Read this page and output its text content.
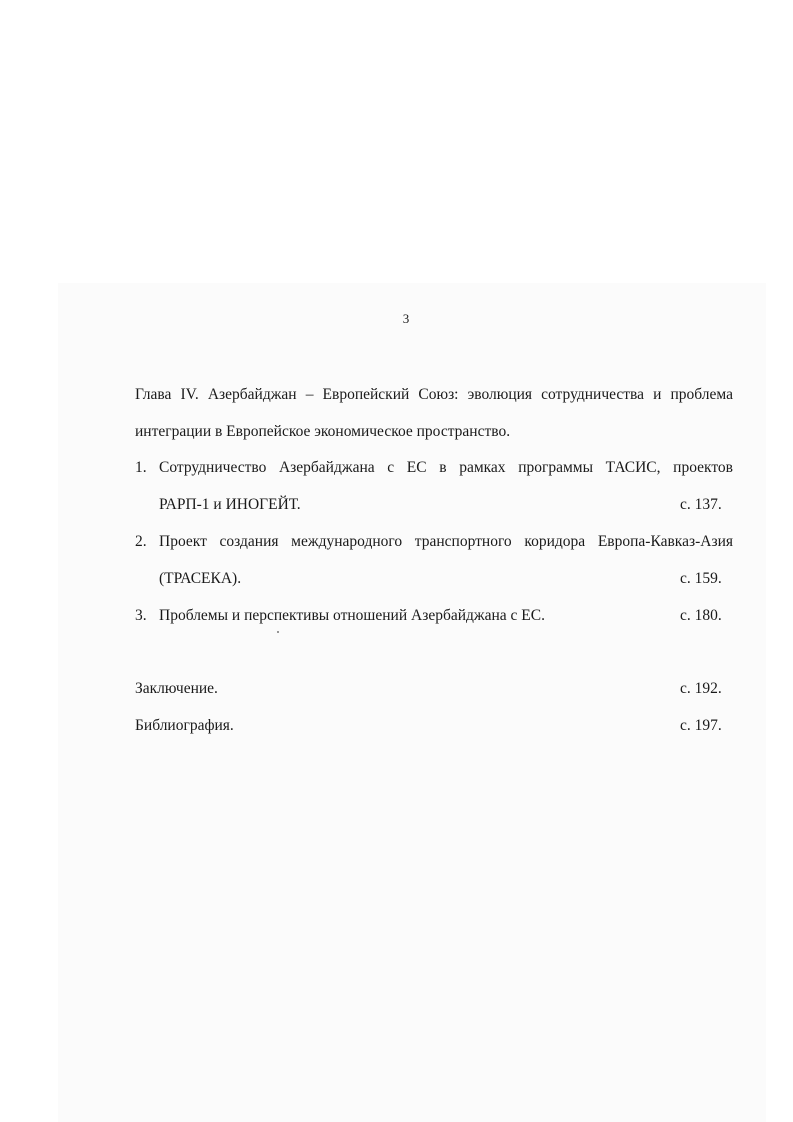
3
Глава IV. Азербайджан – Европейский Союз: эволюция сотрудничества и проблема
интеграции в Европейское экономическое пространство.
1. Сотрудничество Азербайджана с ЕС в рамках программы ТАСИС, проектов
РАРП-1 и ИНОГЕЙТ.	с. 137.
2. Проект создания международного транспортного коридора Европа-Кавказ-Азия
(ТРАСЕКА).	с. 159.
3. Проблемы и перспективы отношений Азербайджана с ЕС.	с. 180.
Заключение.	с. 192.
Библиография.	с. 197.
